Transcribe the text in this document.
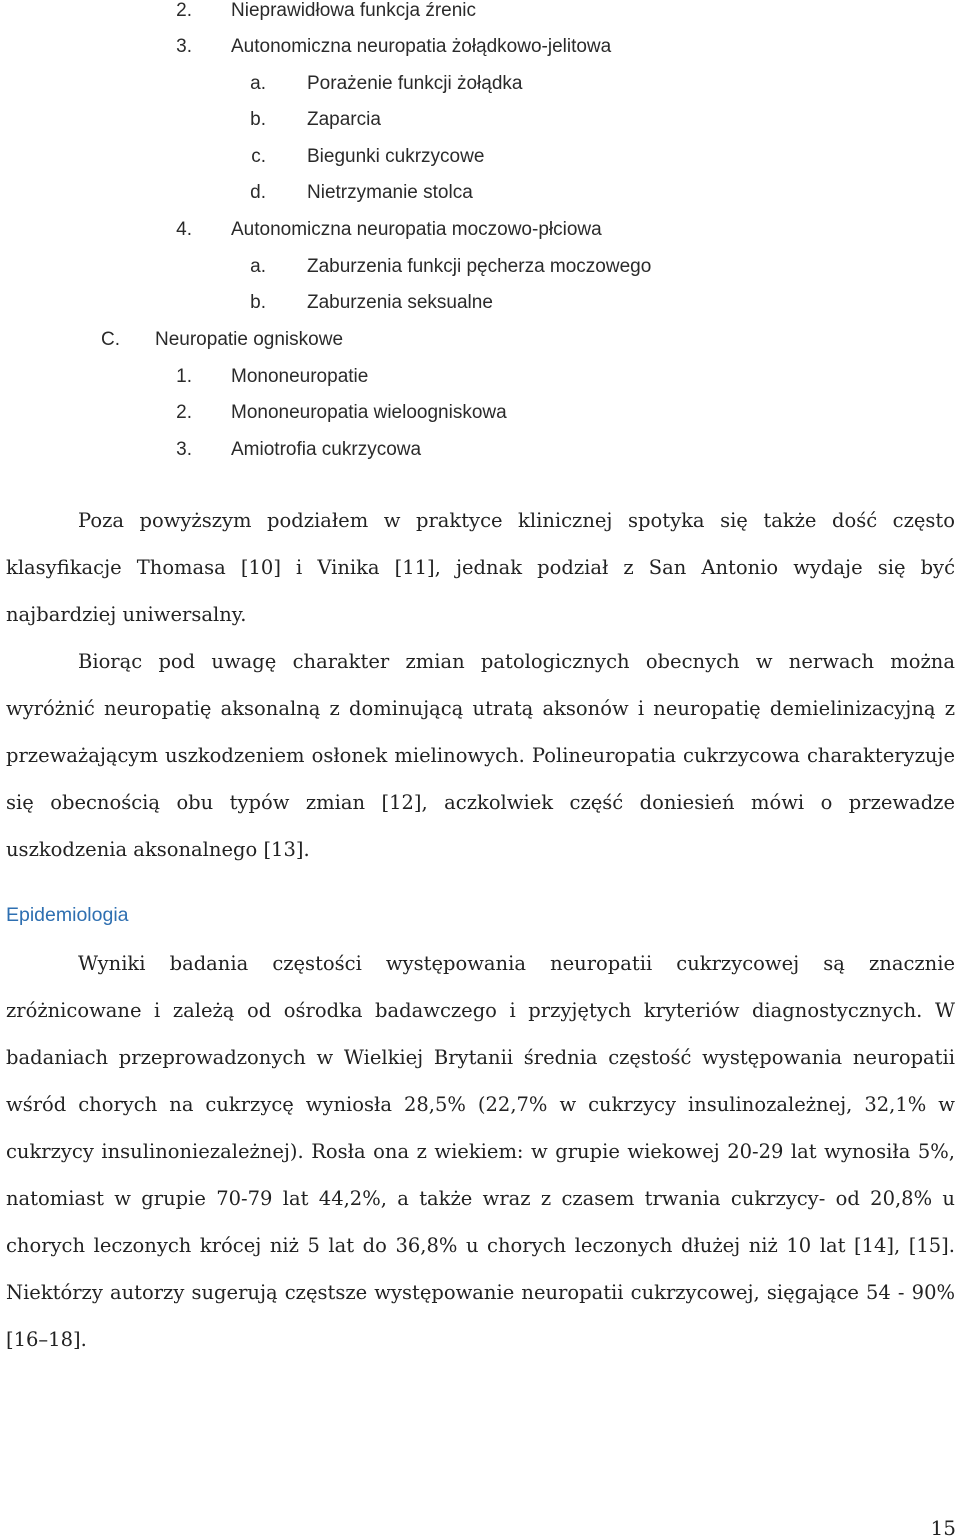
2. Nieprawidłowa funkcja źrenic
3. Autonomiczna neuropatia żołądkowo-jelitowa
a. Porażenie funkcji żołądka
b. Zaparcia
c. Biegunki cukrzycowe
d. Nietrzymanie stolca
4. Autonomiczna neuropatia moczowo-płciowa
a. Zaburzenia funkcji pęcherza moczowego
b. Zaburzenia seksualne
C. Neuropatie ogniskowe
1. Mononeuropatie
2. Mononeuropatia wieloogniskowa
3. Amiotrofia cukrzycowa

Poza powyższym podziałem w praktyce klinicznej spotyka się także dość często klasyfikacje Thomasa [10] i Vinika [11], jednak podział z San Antonio wydaje się być najbardziej uniwersalny.

Biorąc pod uwagę charakter zmian patologicznych obecnych w nerwach można wyróżnić neuropatię aksonalną z dominującą utratą aksonów i neuropatię demielinizacyjną z przeważającym uszkodzeniem osłonek mielinowych. Polineuropatia cukrzycowa charakteryzuje się obecnością obu typów zmian [12], aczkolwiek część doniesień mówi o przewadze uszkodzenia aksonalnego [13].

Epidemiologia

Wyniki badania częstości występowania neuropatii cukrzycowej są znacznie zróżnicowane i zależą od ośrodka badawczego i przyjętych kryteriów diagnostycznych. W badaniach przeprowadzonych w Wielkiej Brytanii średnia częstość występowania neuropatii wśród chorych na cukrzycę wyniosła 28,5% (22,7% w cukrzycy insulinozależnej, 32,1% w cukrzycy insulinoniezależnej). Rosła ona z wiekiem: w grupie wiekowej 20-29 lat wynosiła 5%, natomiast w grupie 70-79 lat 44,2%, a także wraz z czasem trwania cukrzycy- od 20,8% u chorych leczonych krócej niż 5 lat do 36,8% u chorych leczonych dłużej niż 10 lat [14], [15]. Niektórzy autorzy sugerują częstsze występowanie neuropatii cukrzycowej, sięgające 54 - 90% [16–18].

15
